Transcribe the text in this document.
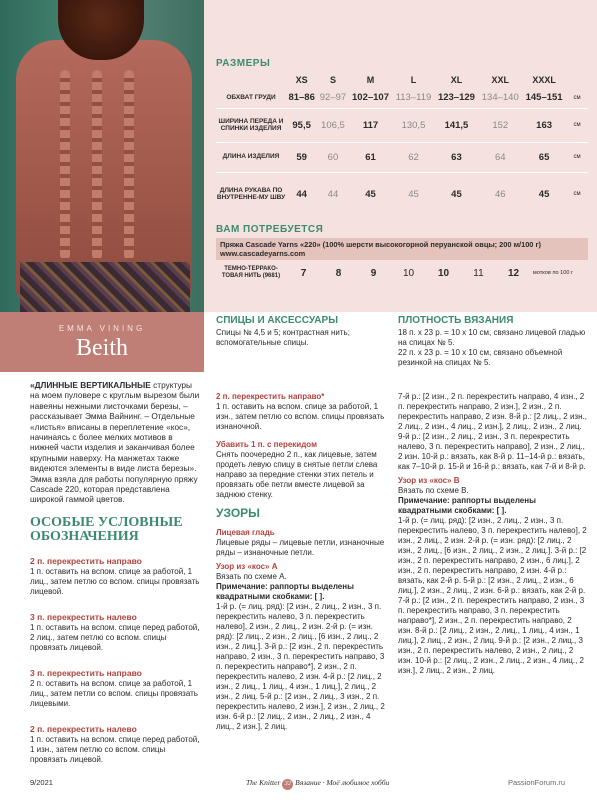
EMMA VINING
Beith
«ДЛИННЫЕ ВЕРТИКАЛЬНЫЕ структуры на моем пуловере с круглым вырезом были навеяны нежными листочками березы, – рассказывает Эмма Вайнинг. – Отдельные «листья» вписаны в переплетение «кос», начинаясь с более мелких мотивов в нижней части изделия и заканчивая более крупными наверху. На манжетах также видеются элементы в виде листа березы». Эмма взяла для работы популярную пряжу Cascade 220, которая представлена широкой гаммой цветов.
ОСОБЫЕ УСЛОВНЫЕ ОБОЗНАЧЕНИЯ
2 п. перекрестить направо
1 п. оставить на вспом. спице за работой, 1 лиц., затем петлю со вспом. спицы провязать лицевой.
3 п. перекрестить налево
1 п. оставить на вспом. спице перед работой, 2 лиц., затем петлю со вспом. спицы провязать лицевой.
3 п. перекрестить направо
2 п. оставить на вспом. спице за работой, 1 лиц., затем петли со вспом. спицы провязать лицевыми.
2 п. перекрестить налево
1 п. оставить на вспом. спице перед работой, 1 изн., затем петлю со вспом. спицы провязать лицевой.
РАЗМЕРЫ
	XS	S	M	L	XL	XXL	XXXL	
ОБХВАТ ГРУДИ	81–86	92–97	102–107	113–119	123–129	134–140	145–151	см
ШИРИНА ПЕРЕДА И СПИНКИ ИЗДЕЛИЯ	95,5	106,5	117	130,5	141,5	152	163	см
ДЛИНА ИЗДЕЛИЯ	59	60	61	62	63	64	65	см
ДЛИНА РУКАВА ПО ВНУТРЕННЕ-МУ ШВУ	44	44	45	45	45	46	45	см
ВАМ ПОТРЕБУЕТСЯ
Пряжа Cascade Yarns «220» (100% шерсти высокогорной перуанской овцы; 200 м/100 г)
www.cascadeyarns.com
ТЕМНО-ТЕРРАКО-ТОВАЯ НИТЬ (9681)	7	8	9	10	10	11	12	мотков по 100 г
СПИЦЫ И АКСЕССУАРЫ

Спицы № 4,5 и 5; контрастная нить; вспомогательные спицы.

ПЛОТНОСТЬ ВЯЗАНИЯ

18 п. х 23 р. = 10 х 10 см, связано лицевой гладью на спицах № 5.

22 п. х 23 р. = 10 х 10 см, связано объемной резинкой на спицах № 5.

2 п. перекрестить направо*

1 п. оставить на вспом. спице за работой, 1 изн., затем петлю со вспом. спицы провязать изнаночной.

Убавить 1 п. с перекидом

Снять поочередно 2 п., как лицевые, затем продеть левую спицу в снятые петли слева направо за передние стенки этих петель и провязать обе петли вместе лицевой за заднюю стенку.

УЗОРЫ
Лицевая гладь

Лицевые ряды – лицевые петли, изнаночные ряды – изнаночные петли.

Узор из «кос» А

Вязать по схеме А.

Примечание: раппорты выделены квадратными скобками: [ ].

1-й р. (= лиц. ряд): [2 изн., 2 лиц., 2 изн., 3 п. перекрестить налево, 3 п. перекрестить налево], 2 изн., 2 лиц., 2 изн. 2-й р. (= изн. ряд): [2 лиц., 2 изн., 2 лиц., [6 изн., 2 лиц., 2 изн., 2 лиц.]. 3-й р.: [2 изн., 2 п. перекрестить направо, 2 изн., 3 п. перекрестить направо, 3 п. перекрестить направо*], 2 изн., 2 п. перекрестить налево, 2 изн. 4-й р.: [2 лиц., 2 изн., 2 лиц., 1 лиц., 4 изн., 1 лиц.], 2 лиц., 2 изн., 2 лиц. 5-й р.: [2 изн., 2 лиц., 3 изн., 2 п. перекрестить налево, 2 изн.], 2 изн., 2 лиц., 2 изн. 6-й р.: [2 лиц., 2 изн., 2 лиц., 2 изн., 4 лиц., 2 изн.], 2 лиц.

7-й р.: [2 изн., 2 п. перекрестить направо, 4 изн., 2 п. перекрестить направо, 2 изн.], 2 изн., 2 п. перекрестить направо, 2 изн. 8-й р.: [2 лиц., 2 изн., 2 лиц., 2 изн., 4 лиц., 2 изн.], 2 лиц., 2 изн., 2 лиц. 9-й р.: [2 изн., 2 лиц., 2 изн., 3 п. перекрестить налево, 3 п. перекрестить направо], 2 изн., 2 лиц., 2 изн. 10-й р.: вязать, как 8-й р. 11–14-й р.: вязать, как 7–10-й р. 15-й и 16-й р.: вязать, как 7-й и 8-й р.

Узор из «кос» В

Вязать по схеме В.

Примечание: раппорты выделены квадратными скобками: [ ].

1-й р. (= лиц. ряд): [2 изн., 2 лиц., 2 изн., 3 п. перекрестить налево, 3 п. перекрестить налево], 2 изн., 2 лиц., 2 изн. 2-й р. (= изн. ряд): [2 лиц., 2 изн., 2 лиц., [6 изн., 2 лиц., 2 изн., 2 лиц.]. 3-й р.: [2 изн., 2 п. перекрестить направо, 2 изн., 6 лиц.], 2 изн., 2 п. перекрестить направо, 2 изн. 4-й р.: вязать, как 2-й р. 5-й р.: [2 изн., 2 лиц., 2 изн., 6 лиц.], 2 изн., 2 лиц., 2 изн. 6-й р.: вязать, как 2-й р. 7-й р.: [2 изн., 2 п. перекрестить направо, 2 изн., 3 п. перекрестить направо, 3 п. перекрестить направо*], 2 изн., 2 п. перекрестить направо, 2 изн. 8-й р.: [2 лиц., 2 изн., 2 лиц., 1 лиц., 4 изн., 1 лиц.], 2 лиц., 2 изн., 2 лиц. 9-й р.: [2 изн., 2 лиц., 3 изн., 2 п. перекрестить налево, 2 изн., 2 лиц., 2 изн. 10-й р.: [2 лиц., 2 изн., 2 лиц., 2 изн., 4 лиц., 2 изн.], 2 лиц., 2 изн., 2 лиц.

9/2021	The Knitter 32 Вязание · Моё любимое хобби	PassionForum.ru
